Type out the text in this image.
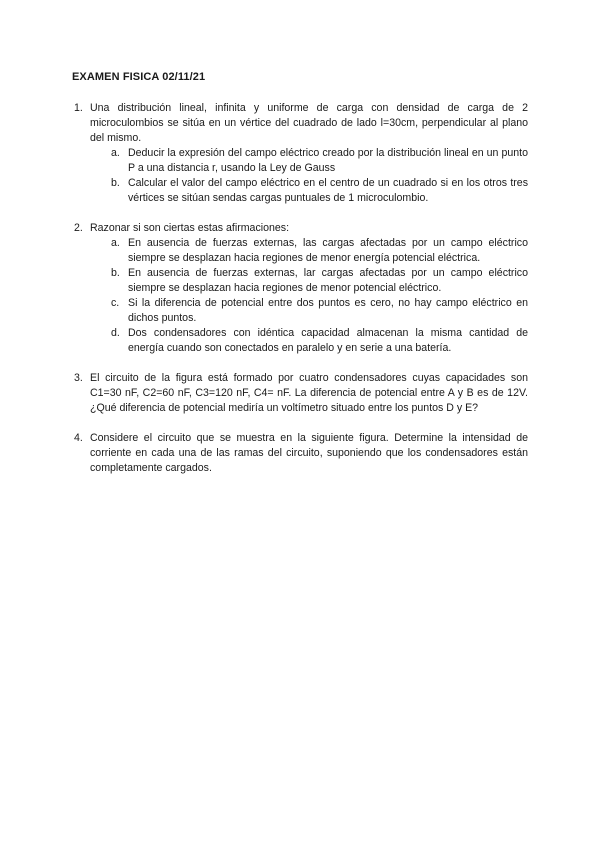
EXAMEN FISICA 02/11/21
1. Una distribución lineal, infinita y uniforme de carga con densidad de carga de 2 microculombios se sitúa en un vértice del cuadrado de lado l=30cm, perpendicular al plano del mismo.
a. Deducir la expresión del campo eléctrico creado por la distribución lineal en un punto P a una distancia r, usando la Ley de Gauss
b. Calcular el valor del campo eléctrico en el centro de un cuadrado si en los otros tres vértices se sitúan sendas cargas puntuales de 1 microculombio.
2. Razonar si son ciertas estas afirmaciones:
a. En ausencia de fuerzas externas, las cargas afectadas por un campo eléctrico siempre se desplazan hacia regiones de menor energía potencial eléctrica.
b. En ausencia de fuerzas externas, lar cargas afectadas por un campo eléctrico siempre se desplazan hacia regiones de menor potencial eléctrico.
c. Si la diferencia de potencial entre dos puntos es cero, no hay campo eléctrico en dichos puntos.
d. Dos condensadores con idéntica capacidad almacenan la misma cantidad de energía cuando son conectados en paralelo y en serie a una batería.
3. El circuito de la figura está formado por cuatro condensadores cuyas capacidades son C1=30 nF, C2=60 nF, C3=120 nF, C4= nF. La diferencia de potencial entre A y B es de 12V. ¿Qué diferencia de potencial mediría un voltímetro situado entre los puntos D y E?
4. Considere el circuito que se muestra en la siguiente figura. Determine la intensidad de corriente en cada una de las ramas del circuito, suponiendo que los condensadores están completamente cargados.
